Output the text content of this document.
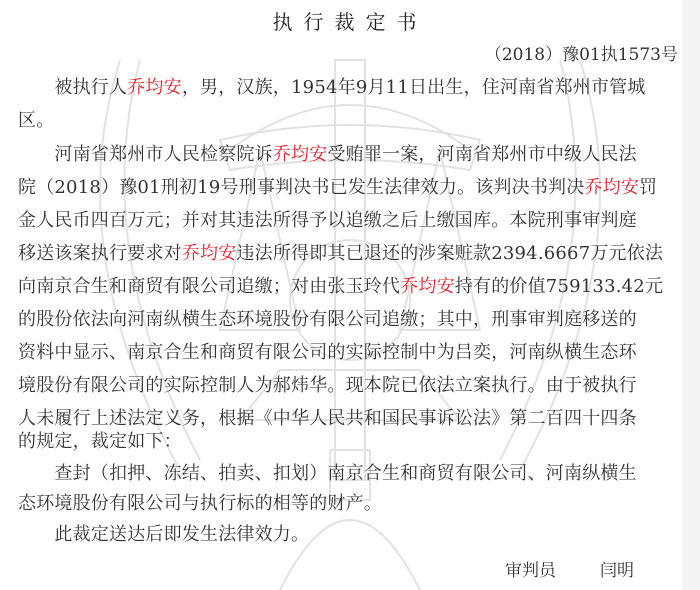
执行裁定书
（2018）豫01执1573号
　　被执行人乔均安，男，汉族，1954年9月11日出生，住河南省郑州市管城
区。
　　河南省郑州市人民检察院诉乔均安受贿罪一案，河南省郑州市中级人民法
院（2018）豫01刑初19号刑事判决书已发生法律效力。该判决书判决乔均安罚
金人民币四百万元；并对其违法所得予以追缴之后上缴国库。本院刑事审判庭
移送该案执行要求对乔均安违法所得即其已退还的涉案赃款2394.6667万元依法
向南京合生和商贸有限公司追缴；对由张玉玲代乔均安持有的价值759133.42元
的股份依法向河南纵横生态环境股份有限公司追缴；其中，刑事审判庭移送的
资料中显示、南京合生和商贸有限公司的实际控制中为吕奕，河南纵横生态环
境股份有限公司的实际控制人为郝炜华。现本院已依法立案执行。由于被执行
人未履行上述法定义务，根据《中华人民共和国民事诉讼法》第二百四十四条
的规定，裁定如下：
　　查封（扣押、冻结、拍卖、扣划）南京合生和商贸有限公司、河南纵横生
态环境股份有限公司与执行标的相等的财产。
　　此裁定送达后即发生法律效力。
审判员	闫明
